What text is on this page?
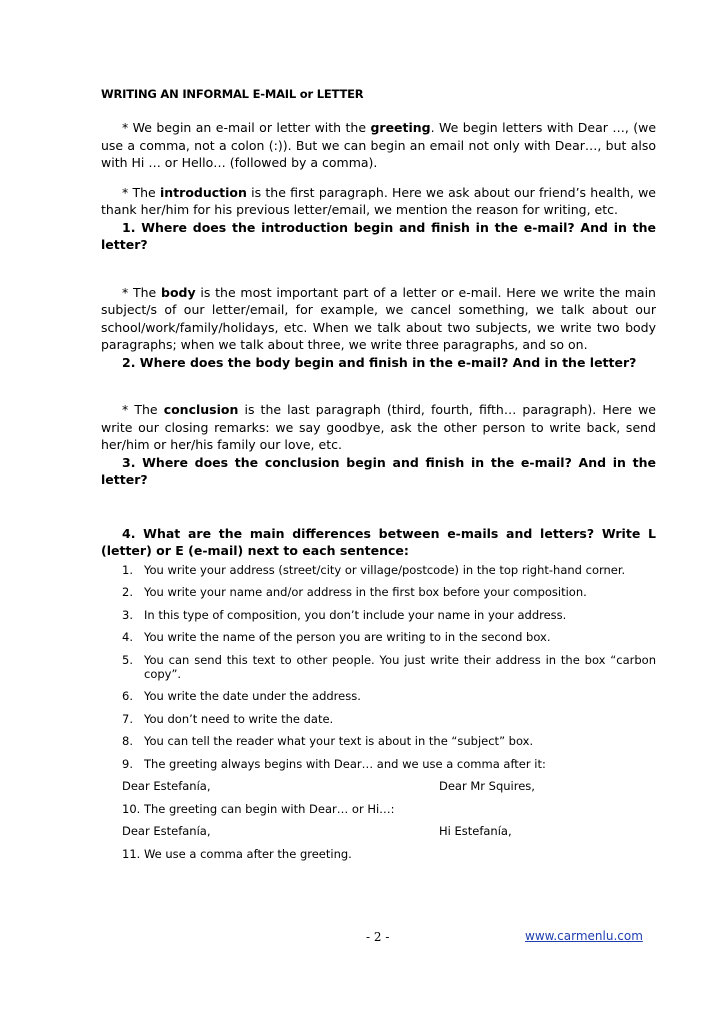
WRITING AN INFORMAL E-MAIL or LETTER

* We begin an e-mail or letter with the greeting. We begin letters with Dear …, (we use a comma, not a colon (:)). But we can begin an email not only with Dear…, but also with Hi … or Hello… (followed by a comma).

* The introduction is the first paragraph. Here we ask about our friend’s health, we thank her/him for his previous letter/email, we mention the reason for writing, etc.

1. Where does the introduction begin and finish in the e-mail? And in the letter?

* The body is the most important part of a letter or e-mail. Here we write the main subject/s of our letter/email, for example, we cancel something, we talk about our school/work/family/holidays, etc. When we talk about two subjects, we write two body paragraphs; when we talk about three, we write three paragraphs, and so on.

2. Where does the body begin and finish in the e-mail? And in the letter?

* The conclusion is the last paragraph (third, fourth, fifth… paragraph). Here we write our closing remarks: we say goodbye, ask the other person to write back, send her/him or her/his family our love, etc.

3. Where does the conclusion begin and finish in the e-mail? And in the letter?

4. What are the main differences between e-mails and letters? Write L (letter) or E (e-mail) next to each sentence:

1. You write your address (street/city or village/postcode) in the top right-hand corner.
2. You write your name and/or address in the first box before your composition.
3. In this type of composition, you don’t include your name in your address.
4. You write the name of the person you are writing to in the second box.
5. You can send this text to other people. You just write their address in the box “carbon copy”.
6. You write the date under the address.
7. You don’t need to write the date.
8. You can tell the reader what your text is about in the “subject” box.
9. The greeting always begins with Dear… and we use a comma after it:
Dear Estefanía,	Dear Mr Squires,
10. The greeting can begin with Dear… or Hi…:
Dear Estefanía,	Hi Estefanía,
11. We use a comma after the greeting.
- 2 -	www.carmenlu.com
